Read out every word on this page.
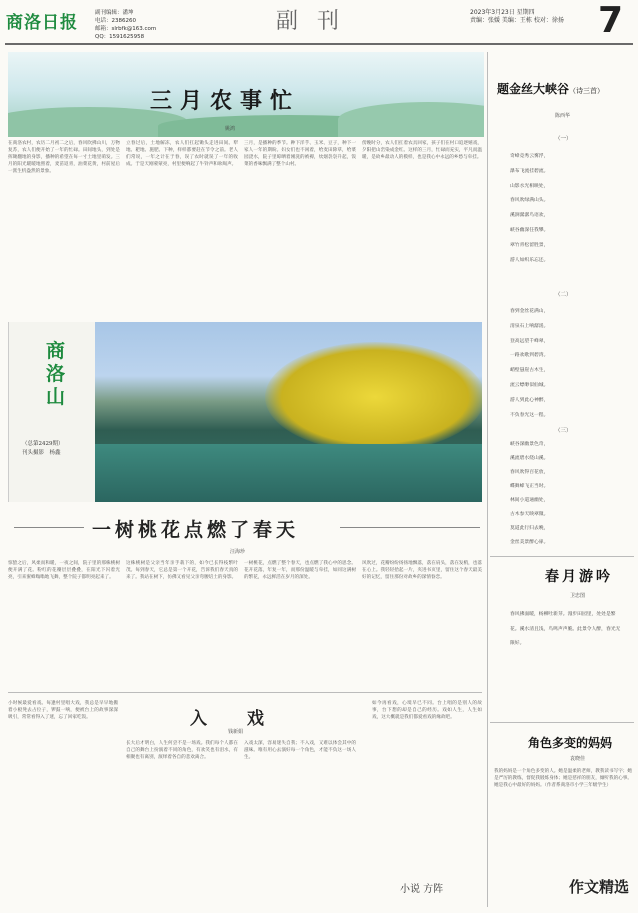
商洛日报	副刊编辑：潘坤
电话：2386260
邮箱：slrbfk@163.com
QQ：1591625958
副 刊	2023年3月23日 星期四
责编：张媛 美编：王栋 校对：徐扬 7
三月农事忙
姚鸿
在商洛农村，农历二月初二之后，春风吹拂山川，万物复苏，农人们便开始了一年的忙碌。田间地头，到处是挥锄翻地的身影，播种的希望在每一寸土地里萌发。三月的阳光暖暖地照着，麦苗返青，油菜花黄，村前屋后一派生机盎然的景象。
立春过后，土地解冻，农人们扛起锄头走进田间。犁地、耙地、施肥、下种，样样都要赶在节令之前。老人们常说，一年之计在于春，误了农时就误了一年的收成。于是天刚蒙蒙亮，村里便响起了牛铃声和吆喝声。
三月，是播种的季节。种下洋芋、玉米、豆子，种下一家人一年的期盼。妇女们也不闲着，给麦田除草，给菜园浇水，院子里晾晒着刚洗的被褥，炊烟袅袅升起，饭菜的香味飘满了整个山村。
傍晚时分，农人们扛着农具回家，孩子们在村口追逐嬉戏，夕阳把山峦染成金红。这样的三月，忙碌而充实，平凡而温暖，是故乡最动人的模样，也是我心中永远的乡愁与牵挂。
商洛山
（总第2429期）
刊头摄影　杨鑫
一树桃花点燃了春天
汪海珍
惊蛰之后，风柔而和暖，一夜之间，院子里的那株桃树便开满了花。粉红的花瓣层层叠叠，在阳光下闪着光亮，引来蜜蜂嗡嗡地飞舞，整个院子都明亮起来了。
这株桃树是父亲当年亲手栽下的，如今已长得枝繁叶茂。每到春天，它总是第一个开花，告诉我们春天真的来了。我站在树下，仿佛又看见父亲弯腰培土的身影。
一树桃花，点燃了整个春天，也点燃了我心中的思念。花开花落，年复一年，而那份温暖与牵挂，如同这满树的繁花，永远鲜活在岁月的深处。
风吹过，花瓣纷纷扬扬地飘落，落在肩头，落在发梢，也落在心上。我轻轻拾起一片，夹进书页里，留住这个春天最美好的记忆，留住那份对故乡的深情眷恋。
入戏
钱新娟
小时候最爱看戏。每逢村里唱大戏，我总是早早地搬着小板凳去占位子，锣鼓一响，便被台上的故事深深吸引，常常看得入了迷，忘了回家吃饭。
长大后才明白，人生何尝不是一场戏。我们每个人都在自己的舞台上扮演着不同的角色，有欢笑也有泪水，有相聚也有离别，演绎着各自的悲欢离合。
入戏太深，容易迷失自我；不入戏，又难以体会其中的滋味。唯有用心去演好每一个角色，才能不负这一场人生。
如今再看戏，心境早已不同。台上唱的是别人的故事，台下想的却是自己的经历。戏如人生，人生如戏，这大概就是我们都爱看戏的缘故吧。
题金丝大峡谷（诗三首）
陈西华
（一）
奇峰竞秀云雾浮，
瀑布飞流挂碧流。
山影水光相映处，
春风吹绿满山头。
溪涧潺潺鸟语欢，
峡谷幽深任我攀。
翠竹青松留胜景，
游人如织乐忘还。
（二）
春到金丝花满山，
清泉石上响潺湲。
登高远望千峰翠，
一路欢歌到碧湾。
峭壁悬崖古木生，
流云缥缈似仙城。
游人到此心神醉，
不负春光这一程。
（三）
峡谷深幽景色奇，
溪流碧水绕山溪。
春风吹得百花放，
蝶舞蜂飞正当时。
林间小道通幽处，
古木参天映翠微。
莫道此行归去晚，
金丝美景醉心扉。
春月游吟
卫忠图
春风拂面暖，杨柳吐新芽。漫步田园里，处处是繁花。溪水清且浅，鸟鸣声声脆。此景令人醉，春光无限好。
角色多变的妈妈
袁晓佳
我的妈妈是一个角色多变的人。她是温柔的老师，教我读书写字；她是严厉的教练，督促我锻炼身体；她是慈祥的朋友，倾听我的心事。她是我心中最好的妈妈。（作者系商洛市小学三年级学生）
小说 方阵	作文精选
